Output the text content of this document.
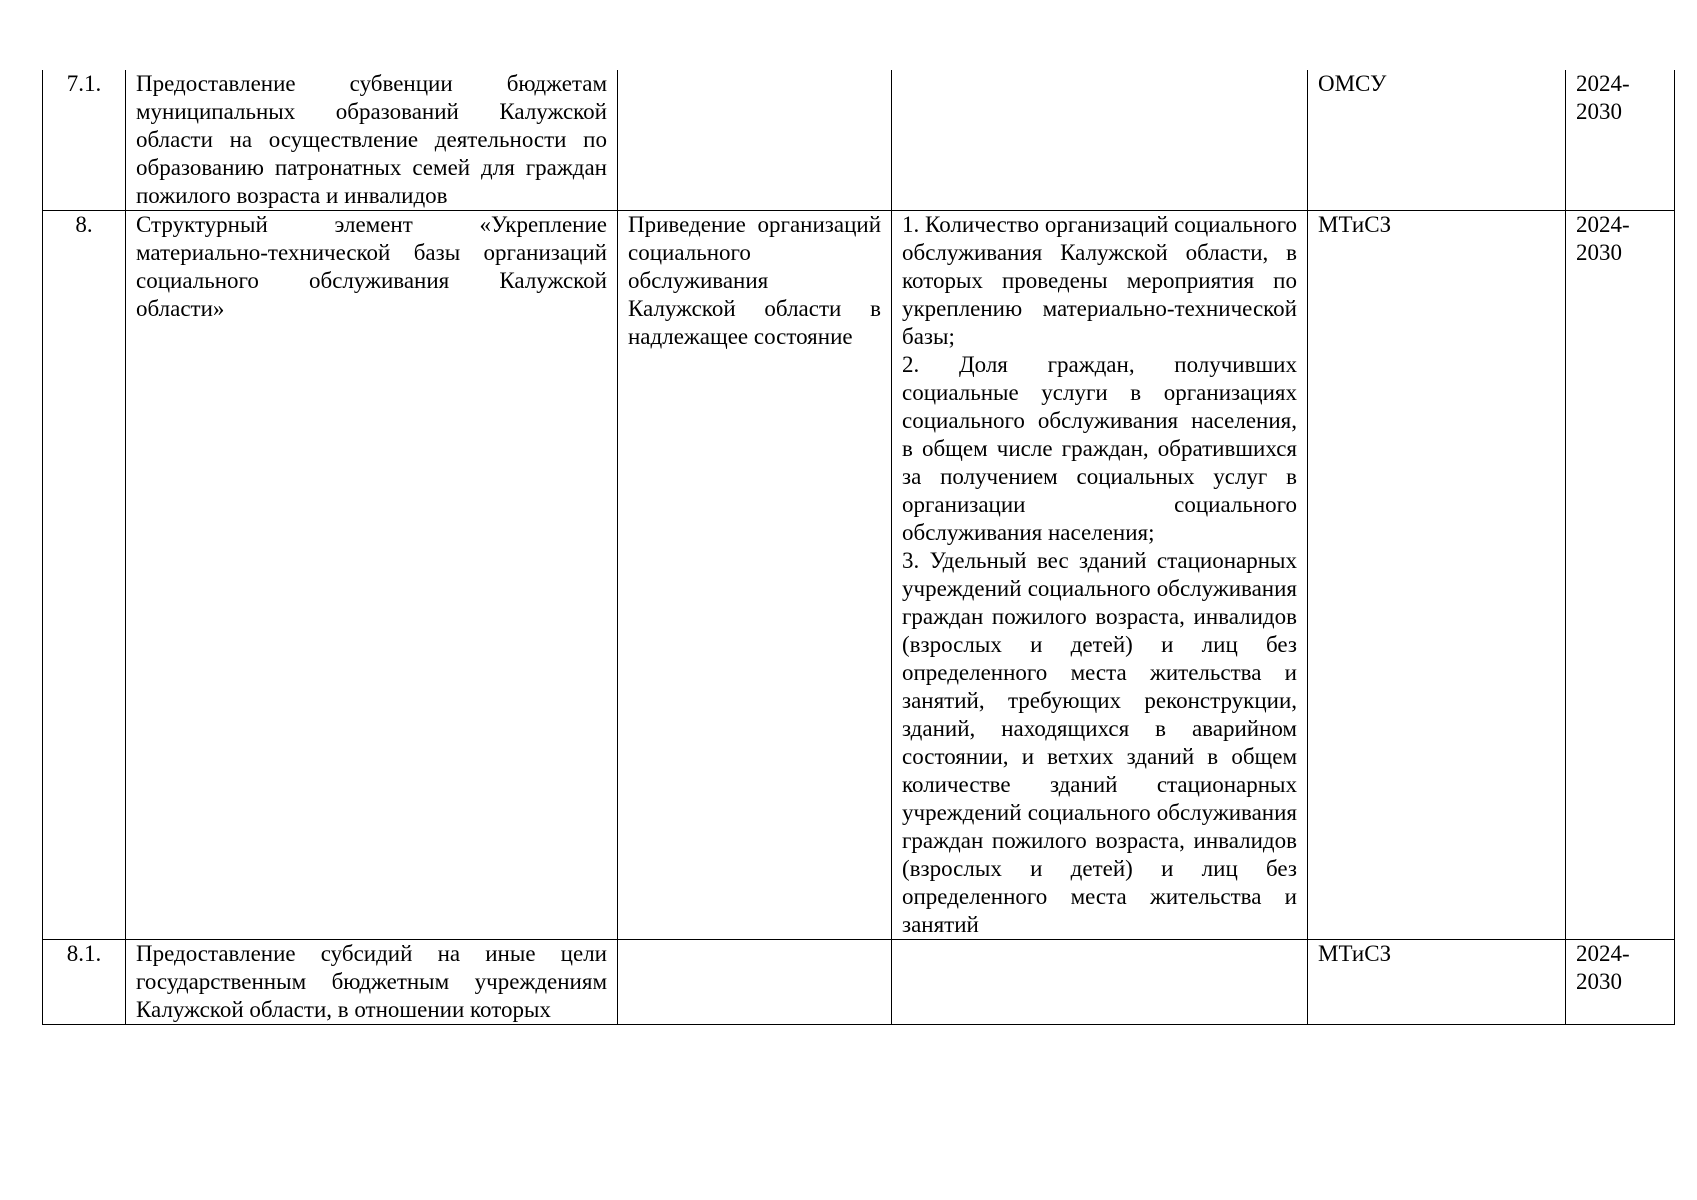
7.1.	Предоставление субвенции бюджетам муниципальных образований Калужской области на осуществление деятельности по образованию патронатных семей для граждан пожилого возраста и инвалидов			ОМСУ	2024-2030
8.	Структурный элемент «Укрепление материально-технической базы организаций социального обслуживания Калужской области»	Приведение организаций социального обслуживания Калужской области в надлежащее состояние	1. Количество организаций социального обслуживания Калужской области, в которых проведены мероприятия по укреплению материально-технической базы;
2. Доля граждан, получивших социальные услуги в организациях социального обслуживания населения, в общем числе граждан, обратившихся за получением социальных услуг в организации социального обслуживания населения;
3. Удельный вес зданий стационарных учреждений социального обслуживания граждан пожилого возраста, инвалидов (взрослых и детей) и лиц без определенного места жительства и занятий, требующих реконструкции, зданий, находящихся в аварийном состоянии, и ветхих зданий в общем количестве зданий стационарных учреждений социального обслуживания граждан пожилого возраста, инвалидов (взрослых и детей) и лиц без определенного места жительства и занятий	МТиСЗ	2024-2030
8.1.	Предоставление субсидий на иные цели государственным бюджетным учреждениям Калужской области, в отношении которых			МТиСЗ	2024-2030
